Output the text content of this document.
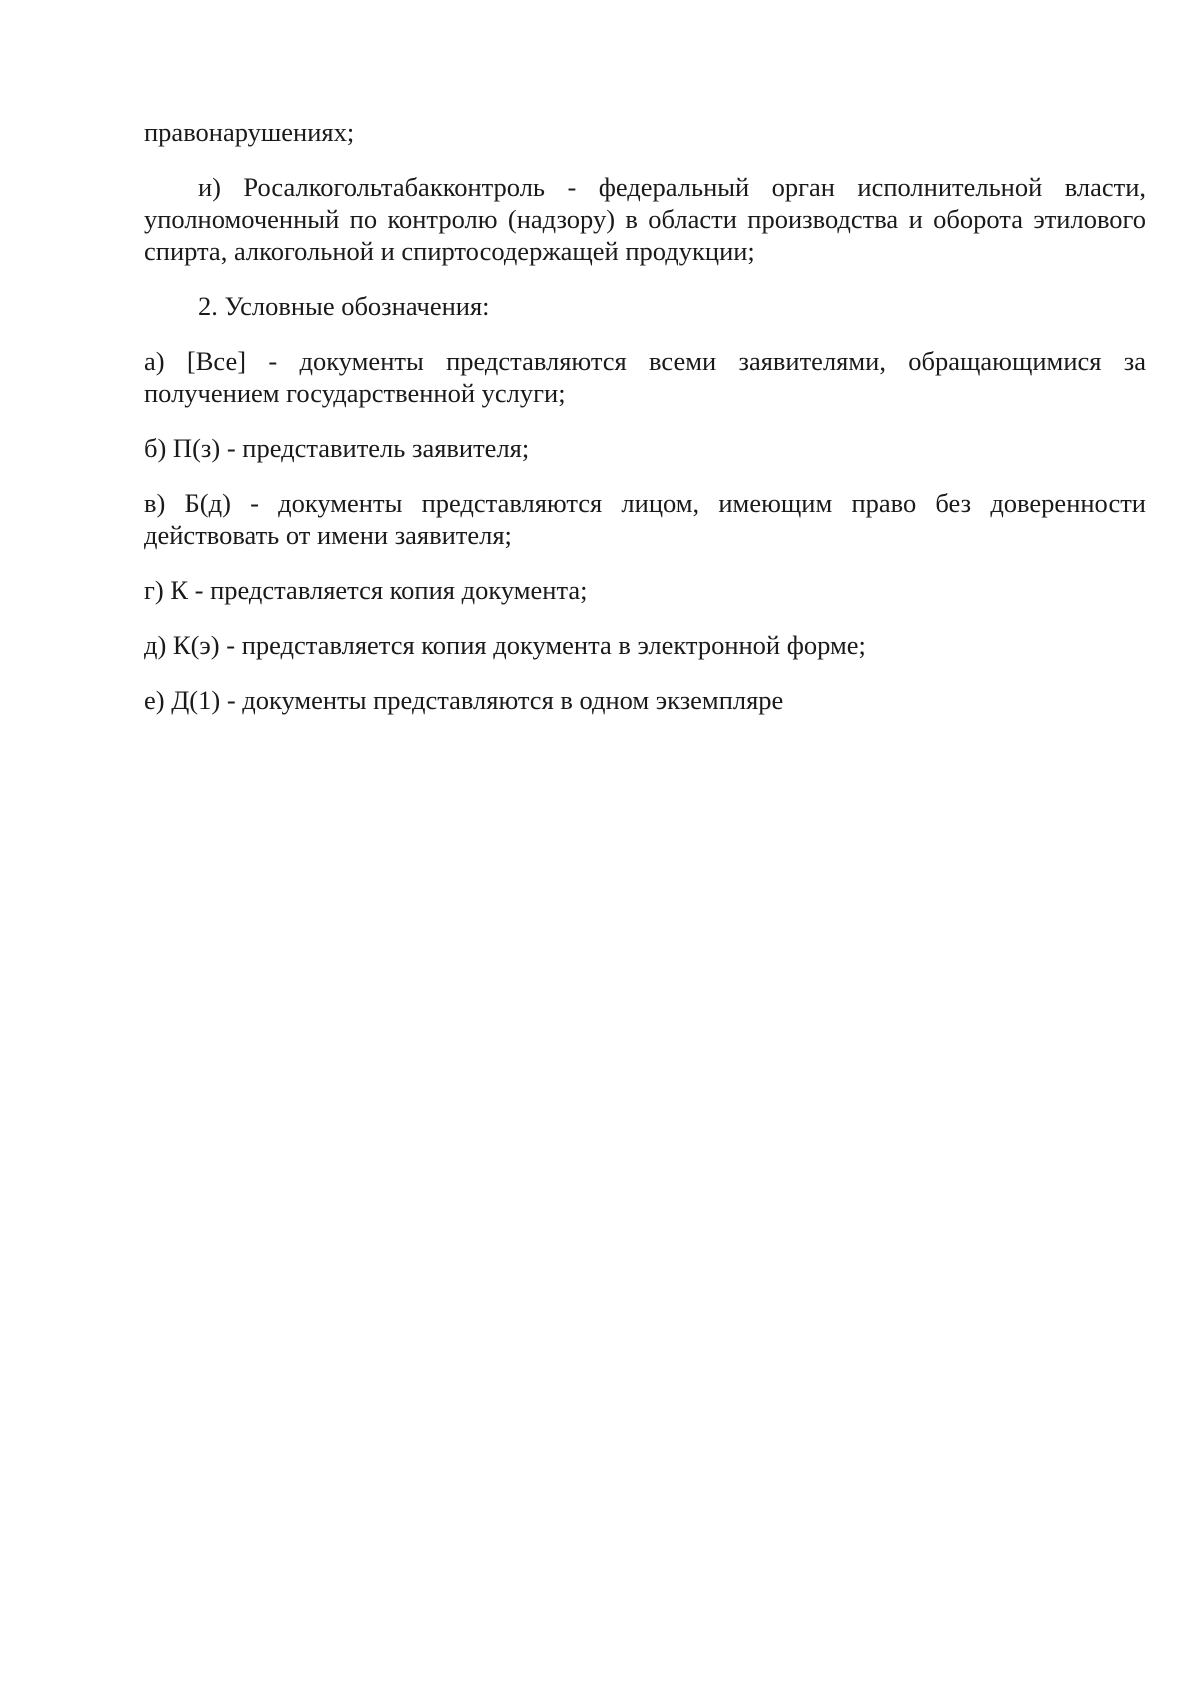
правонарушениях;

и) Росалкогольтабакконтроль - федеральный орган исполнительной власти, уполномоченный по контролю (надзору) в области производства и оборота этилового спирта, алкогольной и спиртосодержащей продукции;

2. Условные обозначения:

а) [Все] - документы представляются всеми заявителями, обращающимися за получением государственной услуги;

б) П(з) - представитель заявителя;

в) Б(д) - документы представляются лицом, имеющим право без доверенности действовать от имени заявителя;

г) К - представляется копия документа;

д) К(э) - представляется копия документа в электронной форме;

е) Д(1) - документы представляются в одном экземпляре
